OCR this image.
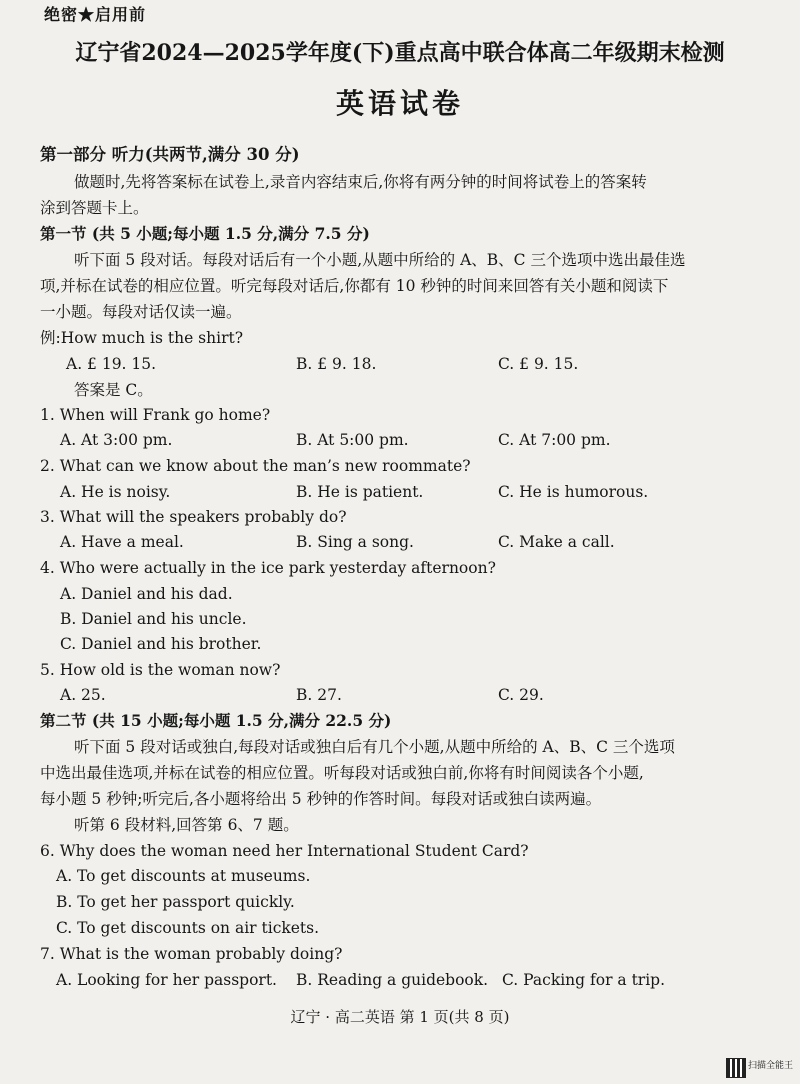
绝密★启用前
辽宁省2024—2025学年度(下)重点高中联合体高二年级期末检测
英语试卷
第一部分 听力(共两节,满分 30 分)
做题时,先将答案标在试卷上,录音内容结束后,你将有两分钟的时间将试卷上的答案转
涂到答题卡上。
第一节 (共 5 小题;每小题 1.5 分,满分 7.5 分)
听下面 5 段对话。每段对话后有一个小题,从题中所给的 A、B、C 三个选项中选出最佳选
项,并标在试卷的相应位置。听完每段对话后,你都有 10 秒钟的时间来回答有关小题和阅读下
一小题。每段对话仅读一遍。
例:How much is the shirt?
A. £ 19. 15.	B. £ 9. 18.	C. £ 9. 15.
答案是 C。
1. When will Frank go home?
A. At 3:00 pm.	B. At 5:00 pm.	C. At 7:00 pm.
2. What can we know about the man’s new roommate?
A. He is noisy.	B. He is patient.	C. He is humorous.
3. What will the speakers probably do?
A. Have a meal.	B. Sing a song.	C. Make a call.
4. Who were actually in the ice park yesterday afternoon?
A. Daniel and his dad.
B. Daniel and his uncle.
C. Daniel and his brother.
5. How old is the woman now?
A. 25.	B. 27.	C. 29.
第二节 (共 15 小题;每小题 1.5 分,满分 22.5 分)
听下面 5 段对话或独白,每段对话或独白后有几个小题,从题中所给的 A、B、C 三个选项
中选出最佳选项,并标在试卷的相应位置。听每段对话或独白前,你将有时间阅读各个小题,
每小题 5 秒钟;听完后,各小题将给出 5 秒钟的作答时间。每段对话或独白读两遍。
听第 6 段材料,回答第 6、7 题。
6. Why does the woman need her International Student Card?
A. To get discounts at museums.
B. To get her passport quickly.
C. To get discounts on air tickets.
7. What is the woman probably doing?
A. Looking for her passport. B. Reading a guidebook. C. Packing for a trip.
辽宁 · 高二英语 第 1 页(共 8 页)
扫描全能王
